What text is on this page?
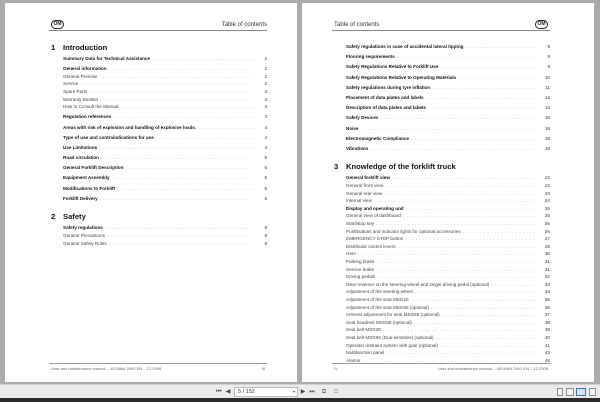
OM	Table of contents
1	Introduction
Summary Data for Technical Assistance . . .	2
General information . . .	2
General Premise . . .	2
Service . . .	2
Spare Parts . . .	3
Warranty Booklet . . .	3
How to Consult the Manual . . .	3
Regulation references . . .	3
Areas with risk of explosion and handling of explosive loads. . . .	4
Type of use and contraindications for use . . .	4
Use Limitations . . .	4
Road circulation . . .	5
General Forklift Description . . .	5
Equipment Assembly . . .	5
Modifications to Forklift . . .	6
Forklift Delivery . . .	6
2	Safety
Safety regulations . . .	8
General Precautions . . .	8
General Safety Rules . . .	8
User and maintenance manual – 4024864 2502 EN – 12-2006	III
Table of contents	OM
Safety regulations in case of accidental lateral tipping . . .	9
Flooring requirements . . .	9
Safety Regulations Relative to Forklift Use . . .	9
Safety Regulations Relative to Operating Materials . . .	10
Safety regulations during tyre inflation . . .	11
Placement of data plates and labels . . .	12
Description of data plates and labels . . .	13
Safety Devices . . .	16
Noise . . .	18
Electromagnetic Compliance . . .	18
Vibrations . . .	18
3	Knowledge of the forklift truck
General forklift view . . .	22
General front view . . .	22
General rear view . . .	23
Internal view . . .	24
Display and operating unit . . .	25
General view of dashboard . . .	25
Start/stop key . . .	26
Pushbuttons and indicator lights for optional accessories . . .	26
EMERGENCY STOP button . . .	27
Distributor control levers . . .	28
Horn . . .	30
Parking brake . . .	31
Service brake . . .	31
Driving pedals . . .	32
Gear reverser on the steering wheel and single driving pedal (optional) . . .	33
Adjustment of the steering wheel . . .	34
Adjustment of the seat MSG20 . . .	35
Adjustment of the seat MSG65 (optional) . . .	36
Armrest adjustment for seat MSG65 (optional) . . .	37
Seat headrest MSG65 (optional) . . .	38
Seat belt MSG20 . . .	39
Seat belt MSG65 (Duo-sensitive) (optional) . . .	40
Operator restraint system with gate (optional) . . .	41
Multifunction panel . . .	42
Alarms . . .	48
IV	User and maintenance manual – 4024864 2502 EN – 12-2006
⏮ ◀	5 / 152	▾ ▶ ⏭	⧉	⧉
